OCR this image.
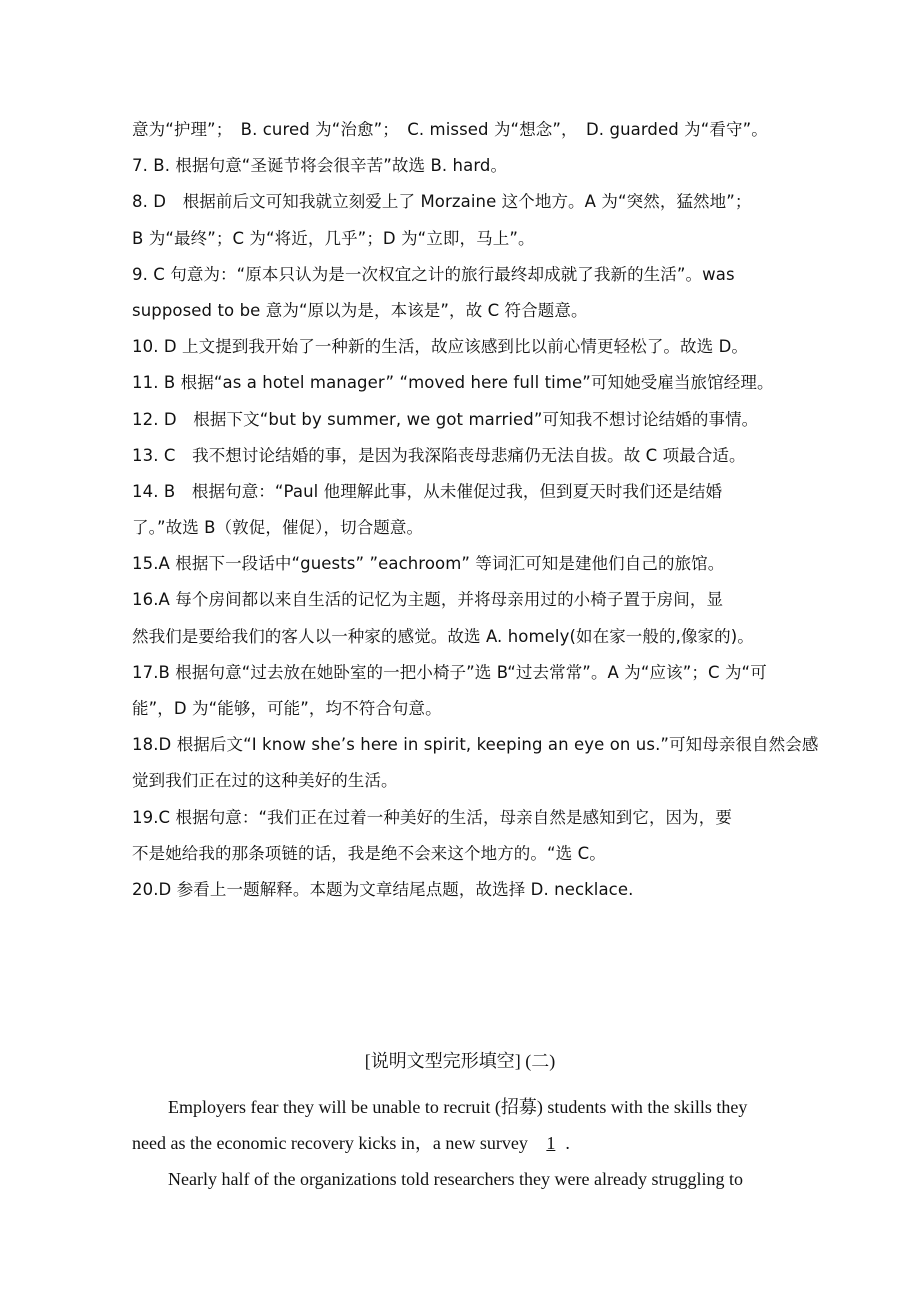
意为“护理”；　B. cured 为“治愈”；　C. missed 为“想念”，　D. guarded 为“看守”。
7. B. 根据句意“圣诞节将会很辛苦”故选 B. hard。
8. D　根据前后文可知我就立刻爱上了 Morzaine 这个地方。A 为“突然，猛然地”；
B 为“最终”；C 为“将近，几乎”；D 为“立即，马上”。
9. C 句意为：“原本只认为是一次权宜之计的旅行最终却成就了我新的生活”。was
supposed to be 意为“原以为是，本该是”，故 C 符合题意。
10. D 上文提到我开始了一种新的生活，故应该感到比以前心情更轻松了。故选 D。
11. B 根据“as a hotel manager” “moved here full time”可知她受雇当旅馆经理。
12. D　根据下文“but by summer, we got married”可知我不想讨论结婚的事情。
13. C　我不想讨论结婚的事，是因为我深陷丧母悲痛仍无法自拔。故 C 项最合适。
14. B　根据句意：“Paul 他理解此事，从未催促过我，但到夏天时我们还是结婚
了。”故选 B（敦促，催促），切合题意。
15.A 根据下一段话中“guests” ”eachroom” 等词汇可知是建他们自己的旅馆。
16.A 每个房间都以来自生活的记忆为主题，并将母亲用过的小椅子置于房间，显
然我们是要给我们的客人以一种家的感觉。故选 A. homely(如在家一般的,像家的)。
17.B 根据句意“过去放在她卧室的一把小椅子”选 B“过去常常”。A 为“应该”；C 为“可
能”，D 为“能够，可能”，均不符合句意。
18.D 根据后文“I know she’s here in spirit, keeping an eye on us.”可知母亲很自然会感
觉到我们正在过的这种美好的生活。
19.C 根据句意：“我们正在过着一种美好的生活，母亲自然是感知到它，因为，要
不是她给我的那条项链的话，我是绝不会来这个地方的。“选 C。
20.D 参看上一题解释。本题为文章结尾点题，故选择 D. necklace.
[说明文型完形填空] (二)
Employers fear they will be unable to recruit (招募) students with the skills they
need as the economic recovery kicks in，a new survey 1 .
Nearly half of the organizations told researchers they were already struggling to
